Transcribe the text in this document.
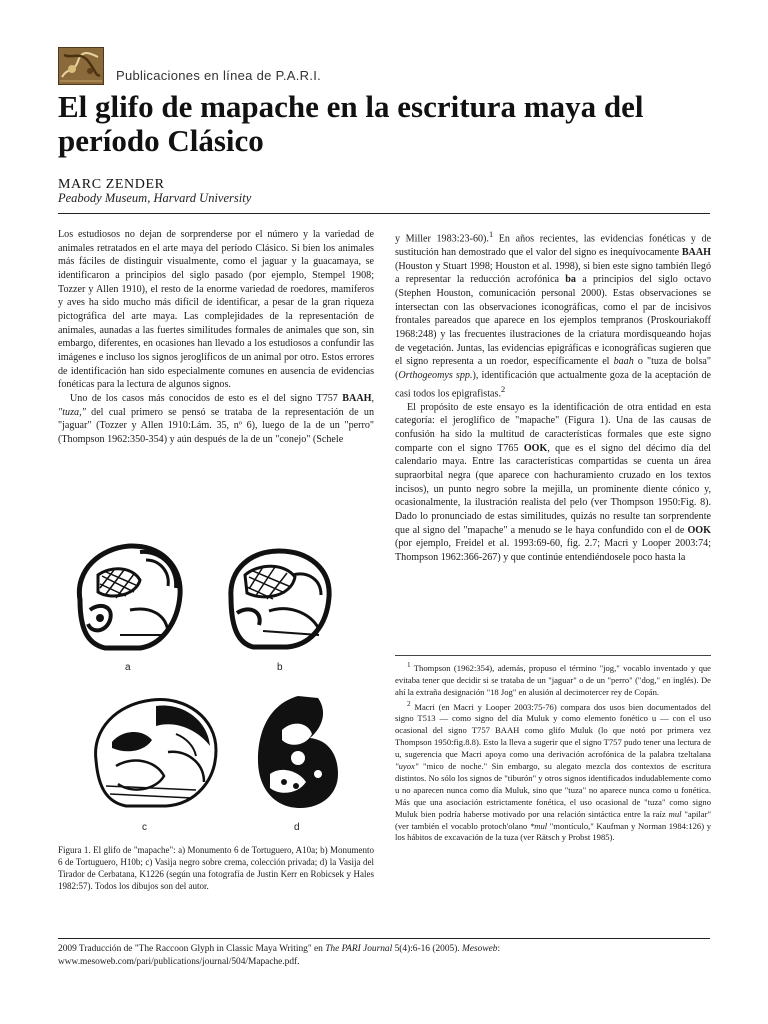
Publicaciones en línea de P.A.R.I.
El glifo de mapache en la escritura maya del
período Clásico
MARC ZENDER
Peabody Museum, Harvard University

Los estudiosos no dejan de sorprenderse por el número y la variedad de animales retratados en el arte maya del período Clásico. Si bien los animales más fáciles de distinguir visualmente, como el jaguar y la guacamaya, se identificaron a principios del siglo pasado (por ejemplo, Stempel 1908; Tozzer y Allen 1910), el resto de la enorme variedad de roedores, mamíferos y aves ha sido mucho más difícil de identificar, a pesar de la gran riqueza pictográfica del arte maya. Las complejidades de la representación de animales, aunadas a las fuertes similitudes formales de animales que son, sin embargo, diferentes, en ocasiones han llevado a los estudiosos a confundir las imágenes e incluso los signos jeroglíficos de un animal por otro. Estos errores de identificación han sido especialmente comunes en ausencia de evidencias fonéticas para la lectura de algunos signos.

Uno de los casos más conocidos de esto es el del signo T757 BAAH, "tuza," del cual primero se pensó se trataba de la representación de un "jaguar" (Tozzer y Allen 1910:Lám. 35, nº 6), luego de la de un "perro" (Thompson 1962:350-354) y aún después de la de un "conejo" (Schele

a	b
c	d
Figura 1. El glifo de "mapache": a) Monumento 6 de Tortuguero, A10a; b) Monumento 6 de Tortuguero, H10b; c) Vasija negro sobre crema, colección privada; d) la Vasija del Tirador de Cerbatana, K1226 (según una fotografía de Justin Kerr en Robicsek y Hales 1982:57). Todos los dibujos son del autor.

y Miller 1983:23-60).$^1$ En años recientes, las evidencias fonéticas y de sustitución han demostrado que el valor del signo es inequívocamente BAAH (Houston y Stuart 1998; Houston et al. 1998), si bien este signo también llegó a representar la reducción acrofónica ba a principios del siglo octavo (Stephen Houston, comunicación personal 2000). Estas observaciones se intersectan con las observaciones iconográficas, como el par de incisivos frontales pareados que aparece en los ejemplos tempranos (Proskouriakoff 1968:248) y las frecuentes ilustraciones de la criatura mordisqueando hojas de vegetación. Juntas, las evidencias epigráficas e iconográficas sugieren que el signo representa a un roedor, específicamente el baah o "tuza de bolsa" (Orthogeomys spp.), identificación que actualmente goza de la aceptación de casi todos los epigrafistas.$^2$

El propósito de este ensayo es la identificación de otra entidad en esta categoría: el jeroglífico de "mapache" (Figura 1). Una de las causas de confusión ha sido la multitud de características formales que este signo comparte con el signo T765 OOK, que es el signo del décimo día del calendario maya. Entre las características compartidas se cuenta un área supraorbital negra (que aparece con hachuramiento cruzado en los textos incisos), un punto negro sobre la mejilla, un prominente diente cónico y, ocasionalmente, la ilustración realista del pelo (ver Thompson 1950:Fig. 8). Dado lo pronunciado de estas similitudes, quizás no resulte tan sorprendente que al signo del "mapache" a menudo se le haya confundido con el de OOK (por ejemplo, Freidel et al. 1993:69-60, fig. 2.7; Macri y Looper 2003:74; Thompson 1962:366-267) y que continúe entendiéndosele poco hasta la

$^1$ Thompson (1962:354), además, propuso el término "jog," vocablo inventado y que evitaba tener que decidir si se trataba de un "jaguar" o de un "perro" ("dog," en inglés). De ahí la extraña designación "18 Jog" en alusión al decimotercer rey de Copán.

$^2$ Macri (en Macri y Looper 2003:75-76) compara dos usos bien documentados del signo T513 — como signo del día Muluk y como elemento fonético u — con el uso ocasional del signo T757 BAAH como glifo Muluk (lo que notó por primera vez Thompson 1950:fig.8.8). Esto la lleva a sugerir que el signo T757 pudo tener una lectura de u, sugerencia que Macri apoya como una derivación acrofónica de la palabra tzeltalana "uyox" "mico de noche." Sin embargo, su alegato mezcla dos contextos de escritura distintos. No sólo los signos de "tiburón" y otros signos identificados indudablemente como u no aparecen nunca como día Muluk, sino que "tuza" no aparece nunca como u fonética. Más que una asociación estrictamente fonética, el uso ocasional de "tuza" como signo Muluk bien podría haberse motivado por una relación sintáctica entre la raíz mul "apilar" (ver también el vocablo protoch'olano *mul "montículo," Kaufman y Norman 1984:126) y los hábitos de excavación de la tuza (ver Rätsch y Probst 1985).

2009 Traducción de "The Raccoon Glyph in Classic Maya Writing" en The PARI Journal 5(4):6-16 (2005). Mesoweb: www.mesoweb.com/pari/publications/journal/504/Mapache.pdf.
